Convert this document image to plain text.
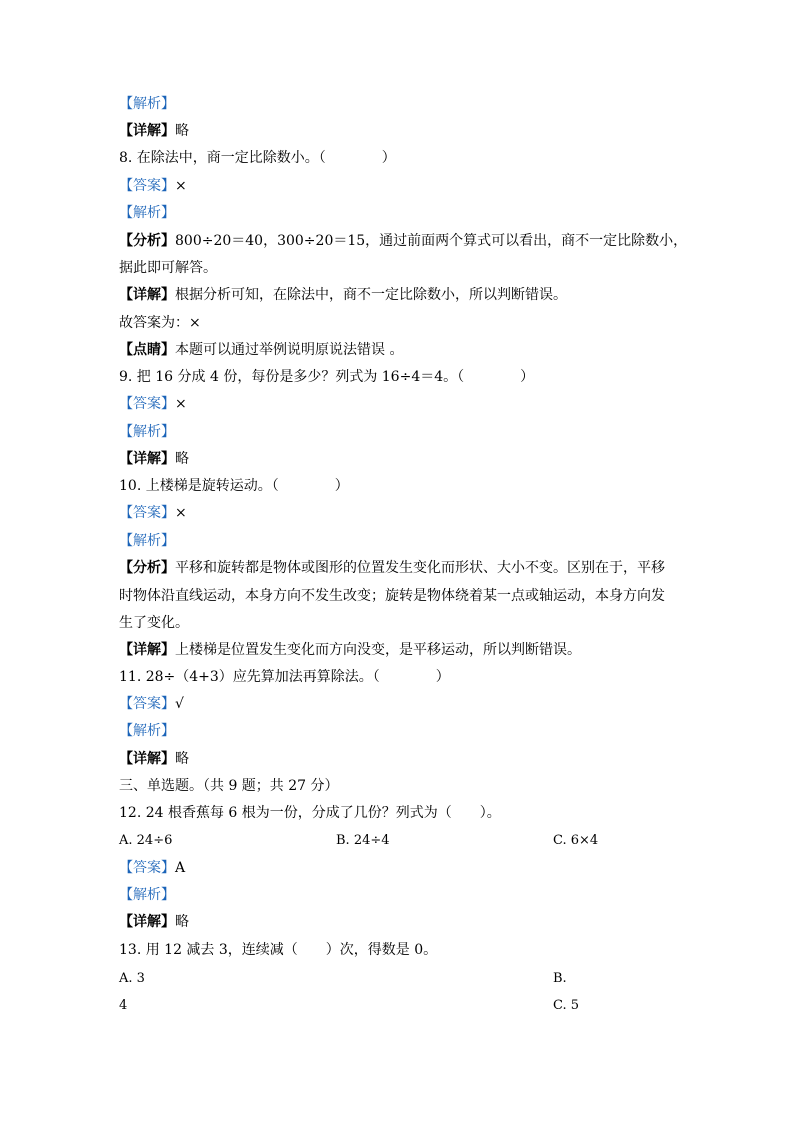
【解析】
【详解】略
8. 在除法中，商一定比除数小。（　　　　）
【答案】×
【解析】
【分析】800÷20＝40，300÷20＝15，通过前面两个算式可以看出，商不一定比除数小，
据此即可解答。
【详解】根据分析可知，在除法中，商不一定比除数小，所以判断错误。
故答案为：×
【点睛】本题可以通过举例说明原说法错误 。
9. 把 16 分成 4 份，每份是多少？列式为 16÷4＝4。（　　　　）
【答案】×
【解析】
【详解】略
10. 上楼梯是旋转运动。（　　　　）
【答案】×
【解析】
【分析】平移和旋转都是物体或图形的位置发生变化而形状、大小不变。区别在于，平移
时物体沿直线运动，本身方向不发生改变；旋转是物体绕着某一点或轴运动，本身方向发
生了变化。
【详解】上楼梯是位置发生变化而方向没变，是平移运动，所以判断错误。
11. 28÷（4+3）应先算加法再算除法。（　　　　）
【答案】√
【解析】
【详解】略
三、单选题。（共 9 题；共 27 分）
12. 24 根香蕉每 6 根为一份，分成了几份？列式为（　　）。
A. 24÷6	B. 24÷4	C. 6×4
【答案】A
【解析】
【详解】略
13. 用 12 减去 3，连续减（　　）次，得数是 0。
A. 3	B.
4	C. 5
